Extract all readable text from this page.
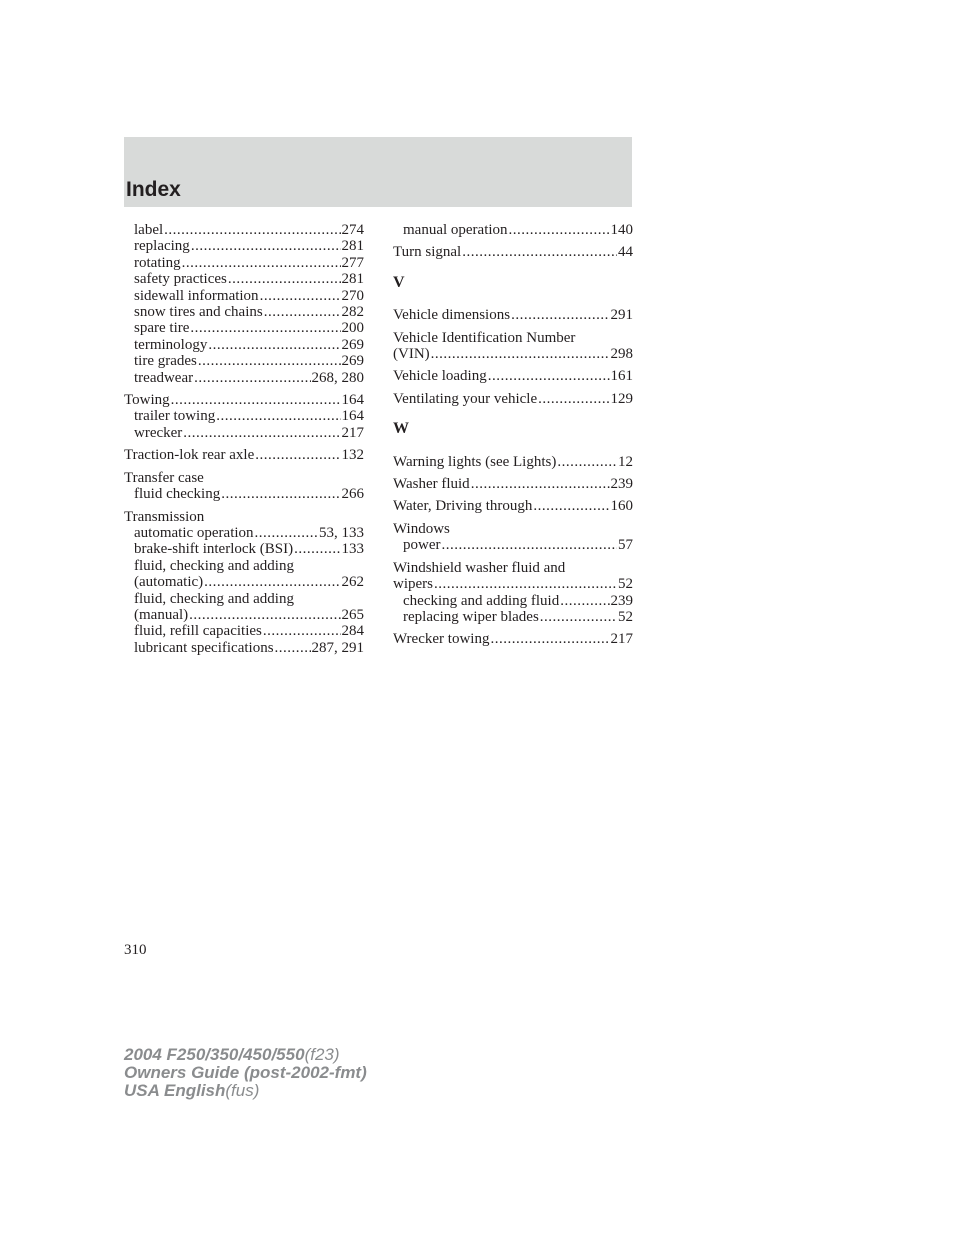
Index
label .....	274
replacing .....	281
rotating .....	277
safety practices .....	281
sidewall information .....	270
snow tires and chains .....	282
spare tire .....	200
terminology .....	269
tire grades .....	269
treadwear .....	268, 280
Towing .....	164
trailer towing .....	164
wrecker .....	217
Traction-lok rear axle .....	132
Transfer case
fluid checking .....	266
Transmission
automatic operation .....	53, 133
brake-shift interlock (BSI) .....	133
fluid, checking and adding
(automatic) .....	262
fluid, checking and adding
(manual) .....	265
fluid, refill capacities .....	284
lubricant specifications .....	287, 291
manual operation .....	140
Turn signal .....	44
V
Vehicle dimensions .....	291
Vehicle Identification Number
(VIN) .....	298
Vehicle loading .....	161
Ventilating your vehicle .....	129
W
Warning lights (see Lights) .....	12
Washer fluid .....	239
Water, Driving through .....	160
Windows
power .....	57
Windshield washer fluid and
wipers .....	52
checking and adding fluid .....	239
replacing wiper blades .....	52
Wrecker towing .....	217
310
2004 F250/350/450/550(f23)
Owners Guide (post-2002-fmt)
USA English(fus)
